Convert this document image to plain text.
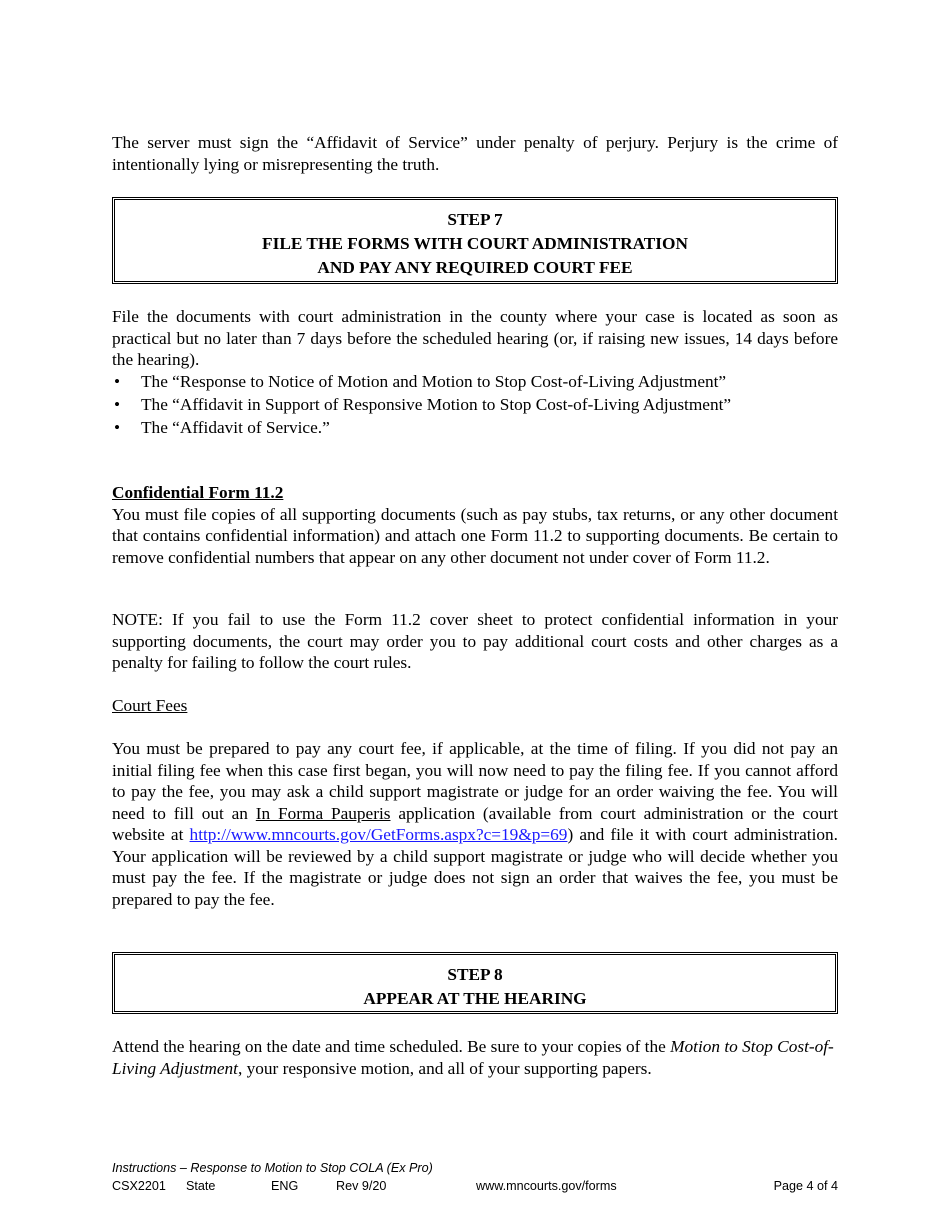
The server must sign the “Affidavit of Service” under penalty of perjury. Perjury is the crime of intentionally lying or misrepresenting the truth.

STEP 7
FILE THE FORMS WITH COURT ADMINISTRATION
AND PAY ANY REQUIRED COURT FEE

File the documents with court administration in the county where your case is located as soon as practical but no later than 7 days before the scheduled hearing (or, if raising new issues, 14 days before the hearing).

• The “Response to Notice of Motion and Motion to Stop Cost-of-Living Adjustment”
• The “Affidavit in Support of Responsive Motion to Stop Cost-of-Living Adjustment”
• The “Affidavit of Service.”

Confidential Form 11.2

You must file copies of all supporting documents (such as pay stubs, tax returns, or any other document that contains confidential information) and attach one Form 11.2 to supporting documents. Be certain to remove confidential numbers that appear on any other document not under cover of Form 11.2.

NOTE: If you fail to use the Form 11.2 cover sheet to protect confidential information in your supporting documents, the court may order you to pay additional court costs and other charges as a penalty for failing to follow the court rules.

Court Fees

You must be prepared to pay any court fee, if applicable, at the time of filing. If you did not pay an initial filing fee when this case first began, you will now need to pay the filing fee. If you cannot afford to pay the fee, you may ask a child support magistrate or judge for an order waiving the fee. You will need to fill out an In Forma Pauperis application (available from court administration or the court website at http://www.mncourts.gov/GetForms.aspx?c=19&p=69) and file it with court administration. Your application will be reviewed by a child support magistrate or judge who will decide whether you must pay the fee. If the magistrate or judge does not sign an order that waives the fee, you must be prepared to pay the fee.

STEP 8
APPEAR AT THE HEARING

Attend the hearing on the date and time scheduled. Be sure to your copies of the Motion to Stop Cost-of-Living Adjustment, your responsive motion, and all of your supporting papers.

Instructions – Response to Motion to Stop COLA (Ex Pro)
CSX2201 State	ENG	Rev 9/20	www.mncourts.gov/forms	Page 4 of 4
